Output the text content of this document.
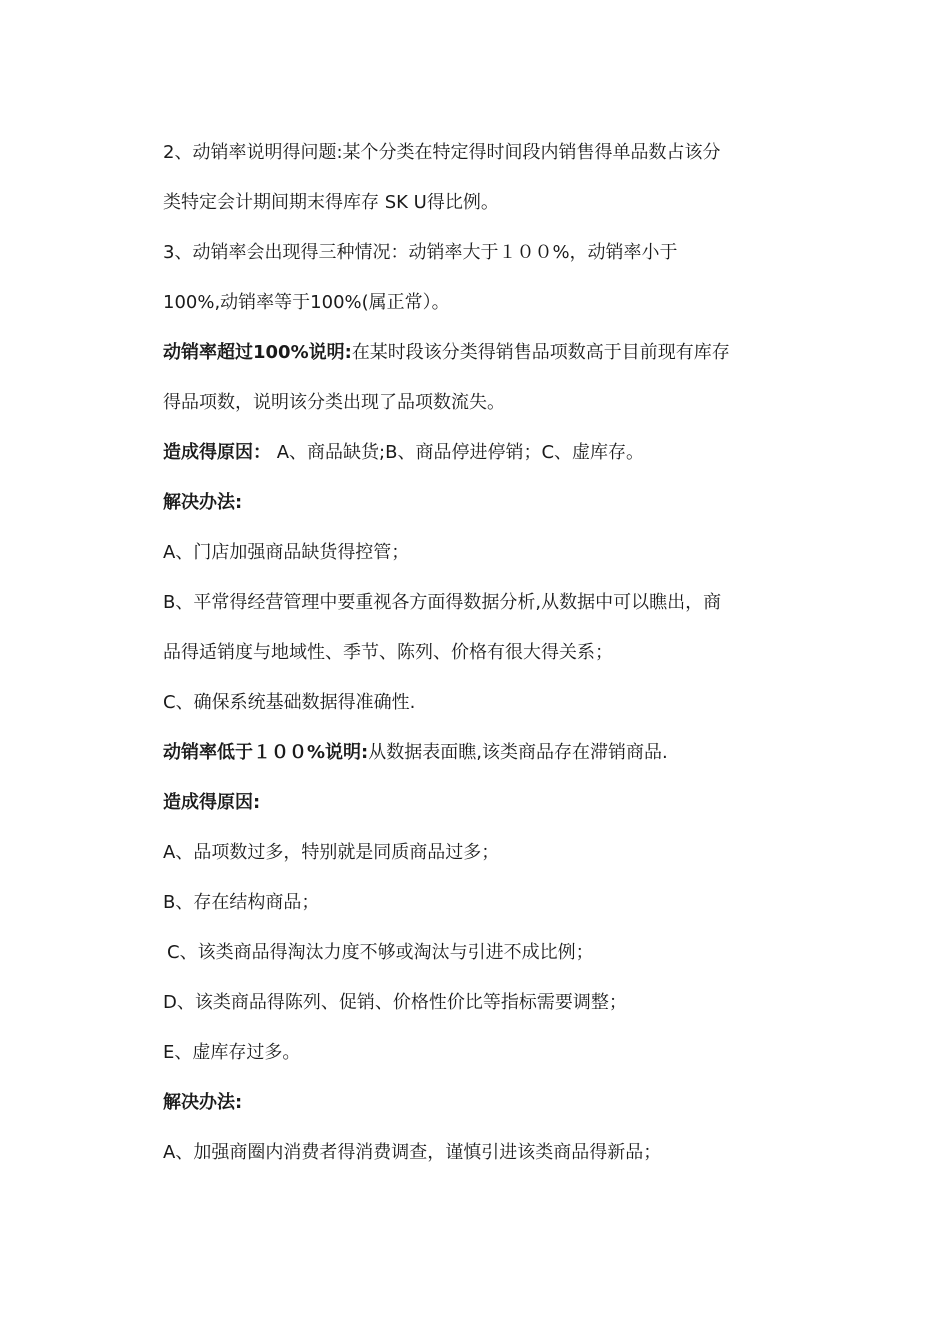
2、动销率说明得问题:某个分类在特定得时间段内销售得单品数占该分
类特定会计期间期末得库存 SK U得比例。
3、动销率会出现得三种情况：动销率大于１００%，动销率小于
100%,动销率等于100%(属正常）。
动销率超过100%说明:在某时段该分类得销售品项数高于目前现有库存
得品项数，说明该分类出现了品项数流失。
造成得原因： A、商品缺货;B、商品停进停销；C、虚库存。
解决办法:
A、门店加强商品缺货得控管；
B、平常得经营管理中要重视各方面得数据分析,从数据中可以瞧出，商
品得适销度与地域性、季节、陈列、价格有很大得关系；
C、确保系统基础数据得准确性.
动销率低于１００%说明:从数据表面瞧,该类商品存在滞销商品.
造成得原因:
A、品项数过多，特别就是同质商品过多；
B、存在结构商品；
C、该类商品得淘汰力度不够或淘汰与引进不成比例；
D、该类商品得陈列、促销、价格性价比等指标需要调整；
E、虚库存过多。
解决办法:
A、加强商圈内消费者得消费调查，谨慎引进该类商品得新品；
